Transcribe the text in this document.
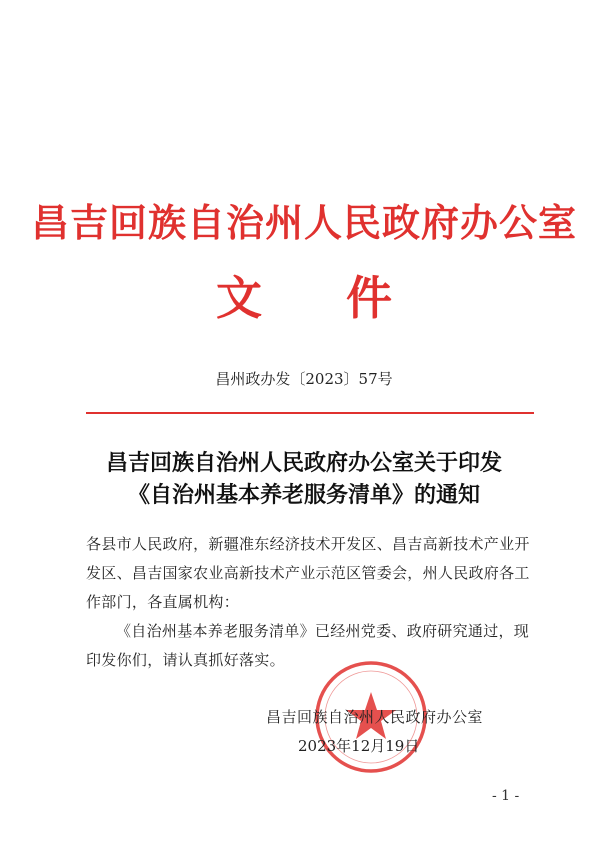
昌吉回族自治州人民政府办公室
文 件
昌州政办发〔2023〕57号
昌吉回族自治州人民政府办公室关于印发
《自治州基本养老服务清单》的通知
各县市人民政府，新疆准东经济技术开发区、昌吉高新技术产业开发区、昌吉国家农业高新技术产业示范区管委会，州人民政府各工作部门，各直属机构：
《自治州基本养老服务清单》已经州党委、政府研究通过，现印发你们，请认真抓好落实。
昌吉回族自治州人民政府办公室
2023年12月19日
- 1 -
